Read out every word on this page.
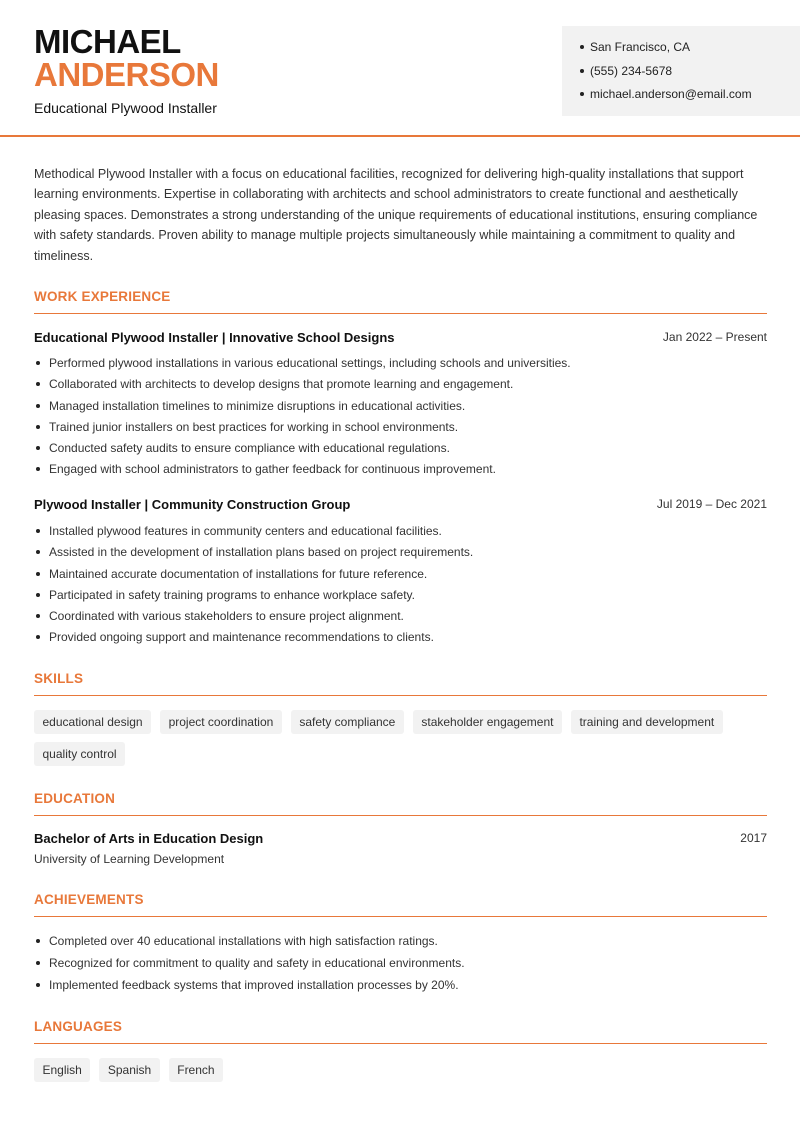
MICHAEL
ANDERSON
Educational Plywood Installer
San Francisco, CA
(555) 234-5678
michael.anderson@email.com

Methodical Plywood Installer with a focus on educational facilities, recognized for delivering high-quality installations that support learning environments. Expertise in collaborating with architects and school administrators to create functional and aesthetically pleasing spaces. Demonstrates a strong understanding of the unique requirements of educational institutions, ensuring compliance with safety standards. Proven ability to manage multiple projects simultaneously while maintaining a commitment to quality and timeliness.

WORK EXPERIENCE
Educational Plywood Installer | Innovative School Designs	Jan 2022 – Present
Performed plywood installations in various educational settings, including schools and universities.
Collaborated with architects to develop designs that promote learning and engagement.
Managed installation timelines to minimize disruptions in educational activities.
Trained junior installers on best practices for working in school environments.
Conducted safety audits to ensure compliance with educational regulations.
Engaged with school administrators to gather feedback for continuous improvement.
Plywood Installer | Community Construction Group	Jul 2019 – Dec 2021
Installed plywood features in community centers and educational facilities.
Assisted in the development of installation plans based on project requirements.
Maintained accurate documentation of installations for future reference.
Participated in safety training programs to enhance workplace safety.
Coordinated with various stakeholders to ensure project alignment.
Provided ongoing support and maintenance recommendations to clients.
SKILLS
educational design	project coordination	safety compliance	stakeholder engagement	training and development
quality control
EDUCATION
Bachelor of Arts in Education Design	2017
University of Learning Development
ACHIEVEMENTS
Completed over 40 educational installations with high satisfaction ratings.
Recognized for commitment to quality and safety in educational environments.
Implemented feedback systems that improved installation processes by 20%.
LANGUAGES
English	Spanish	French
